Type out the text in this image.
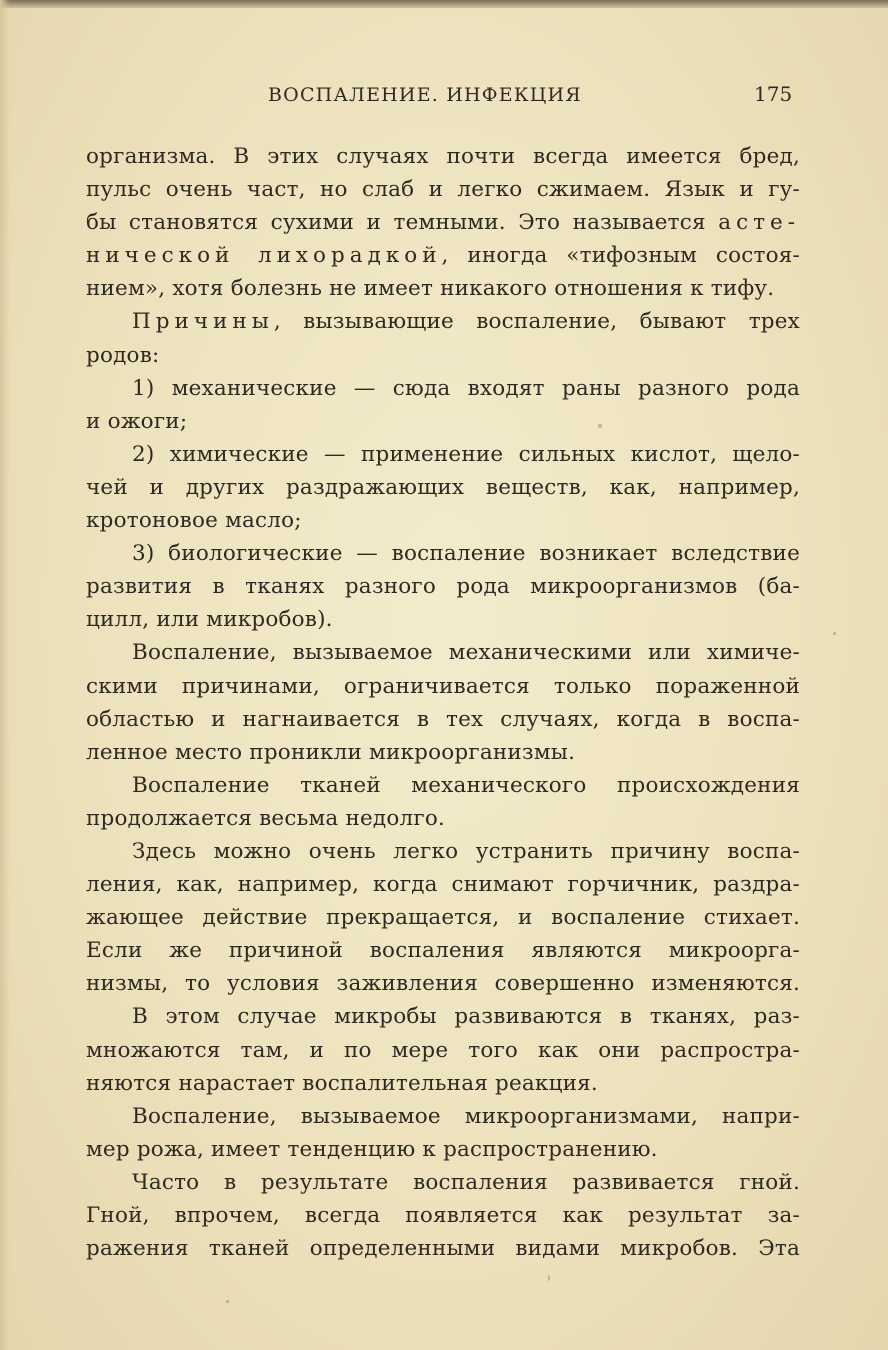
ВОСПАЛЕНИЕ. ИНФЕКЦИЯ	175
организма. В этих случаях почти всегда имеется бред,
пульс очень част, но слаб и легко сжимаем. Язык и гу-
бы становятся сухими и темными. Это называется асте-
нической лихорадкой, иногда «тифозным состоя-
нием», хотя болезнь не имеет никакого отношения к тифу.
Причины, вызывающие воспаление, бывают трех
родов:
1) механические — сюда входят раны разного рода
и ожоги;
2) химические — применение сильных кислот, щело-
чей и других раздражающих веществ, как, например,
кротоновое масло;
3) биологические — воспаление возникает вследствие
развития в тканях разного рода микроорганизмов (ба-
цилл, или микробов).
Воспаление, вызываемое механическими или химиче-
скими причинами, ограничивается только пораженной
областью и нагнаивается в тех случаях, когда в воспа-
ленное место проникли микроорганизмы.
Воспаление тканей механического происхождения
продолжается весьма недолго.
Здесь можно очень легко устранить причину воспа-
ления, как, например, когда снимают горчичник, раздра-
жающее действие прекращается, и воспаление стихает.
Если же причиной воспаления являются микроорга-
низмы, то условия заживления совершенно изменяются.
В этом случае микробы развиваются в тканях, раз-
множаются там, и по мере того как они распростра-
няются нарастает воспалительная реакция.
Воспаление, вызываемое микроорганизмами, напри-
мер рожа, имеет тенденцию к распространению.
Часто в результате воспаления развивается гной.
Гной, впрочем, всегда появляется как результат за-
ражения тканей определенными видами микробов. Эта
